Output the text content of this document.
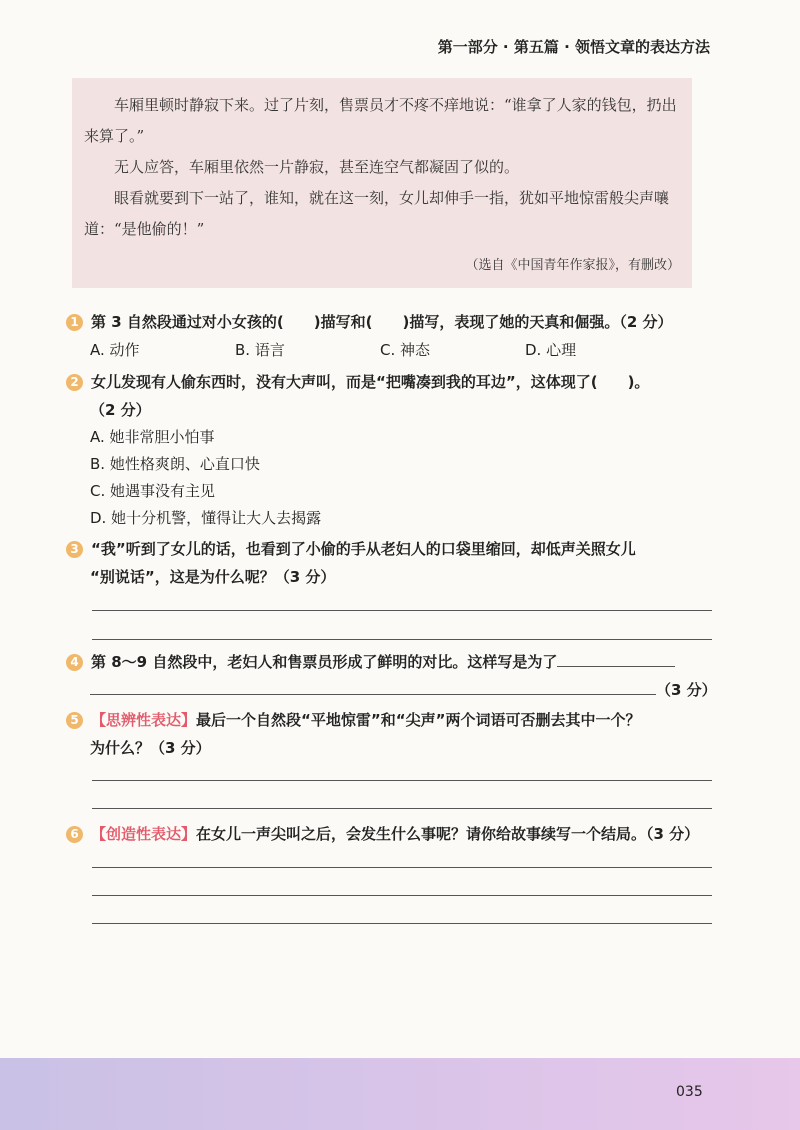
第一部分 · 第五篇 · 领悟文章的表达方法

车厢里顿时静寂下来。过了片刻，售票员才不疼不痒地说：“谁拿了人家的钱包，扔出来算了。”

无人应答，车厢里依然一片静寂，甚至连空气都凝固了似的。

眼看就要到下一站了，谁知，就在这一刻，女儿却伸手一指，犹如平地惊雷般尖声嚷道：“是他偷的！”

（选自《中国青年作家报》，有删改）

1 第 3 自然段通过对小女孩的( )描写和( )描写，表现了她的天真和倔强。（2 分）
A. 动作	B. 语言	C. 神态	D. 心理
2 女儿发现有人偷东西时，没有大声叫，而是“把嘴凑到我的耳边”，这体现了( )。
（2 分）
A. 她非常胆小怕事
B. 她性格爽朗、心直口快
C. 她遇事没有主见
D. 她十分机警，懂得让大人去揭露
3 “我”听到了女儿的话，也看到了小偷的手从老妇人的口袋里缩回，却低声关照女儿
“别说话”，这是为什么呢？（3 分）
4 第 8～9 自然段中，老妇人和售票员形成了鲜明的对比。这样写是为了
（3 分）
5 【思辨性表达】最后一个自然段“平地惊雷”和“尖声”两个词语可否删去其中一个？
为什么？（3 分）
6 【创造性表达】在女儿一声尖叫之后，会发生什么事呢？请你给故事续写一个结局。（3 分）
035
